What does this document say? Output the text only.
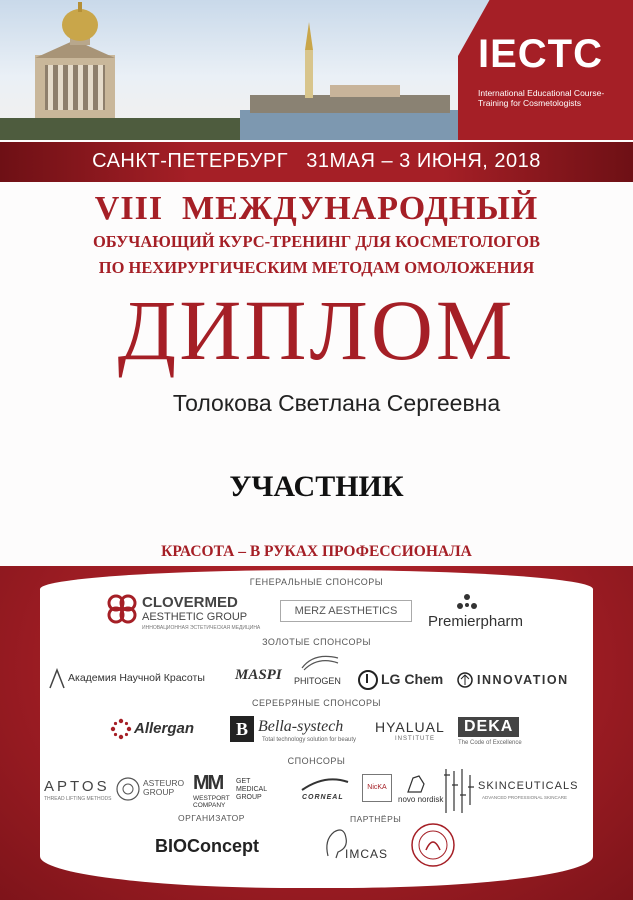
IECTC
International Educational Course-Training for Cosmetologists
САНКТ-ПЕТЕРБУРГ   31МАЯ – 3 ИЮНЯ, 2018
VIII  МЕЖДУНАРОДНЫЙ
ОБУЧАЮЩИЙ КУРС-ТРЕНИНГ ДЛЯ КОСМЕТОЛОГОВ
ПО НЕХИРУРГИЧЕСКИМ МЕТОДАМ ОМОЛОЖЕНИЯ
ДИПЛОМ
Толокова Светлана Сергеевна
УЧАСТНИК
КРАСОТА – В РУКАХ ПРОФЕССИОНАЛА
ГЕНЕРАЛЬНЫЕ СПОНСОРЫ
CLOVERMED
AESTHETIC GROUP
ИННОВАЦИОННАЯ ЭСТЕТИЧЕСКАЯ МЕДИЦИНА
MERZ AESTHETICS
Premierpharm
ЗОЛОТЫЕ СПОНСОРЫ
Академия Научной Красоты MASPI PHITOGEN	LG Chem	INNOVATION
СЕРЕБРЯНЫЕ СПОНСОРЫ
Allergan	B Bella-systech
Total technology solution for beauty
HYALUAL
INSTITUTE
DEKA
The Code of Excellence
СПОНСОРЫ
APTOS
THREAD LIFTING METHODS
ASTEURO GROUP MM
WESTPORT COMPANY
GET MEDICAL GROUP	CORNEAL
NicKA
novo nordisk
SKINCEUTICALS
ADVANCED PROFESSIONAL SKINCARE
ОРГАНИЗАТОР
BIOConcept
ПАРТНЁРЫ
IMCAS
